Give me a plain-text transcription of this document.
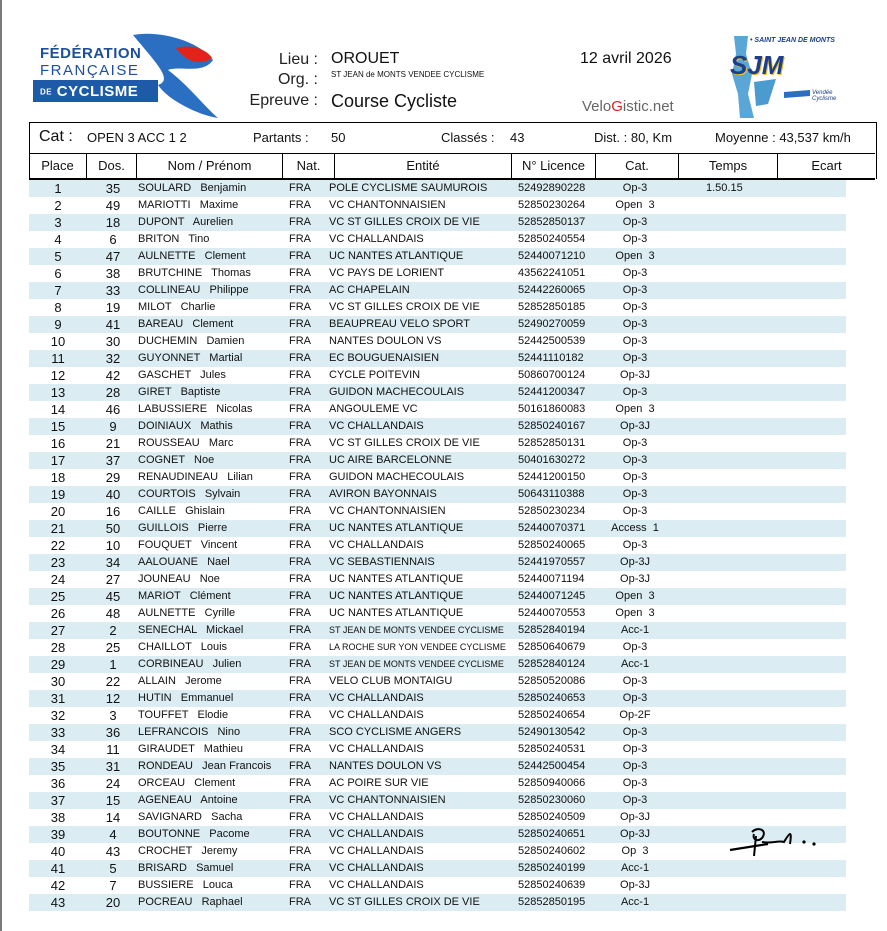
FÉDÉRATION
FRANÇAISE
DE CYCLISME
Lieu : OROUET
Org. : ST JEAN de MONTS VENDEE CYCLISME
Epreuve : Course Cycliste
12 avril 2026
VeloGistic.net
• SAINT JEAN DE MONTS
SJM
Vendée Cyclisme
Cat : OPEN 3 ACC 1 2	Partants : 50	Classés : 43	Dist. : 80, Km	Moyenne : 43,537 km/h
Place	Dos.	Nom / Prénom	Nat.	Entité	N° Licence	Cat.	Temps	Ecart
1	35	SOULARD   Benjamin	FRA POLE CYCLISME SAUMUROIS	52492890228	Op-3	1.50.15
2	49	MARIOTTI   Maxime	FRA VC CHANTONNAISIEN	52850230264	Open  3
3	18	DUPONT   Aurelien	FRA VC ST GILLES CROIX DE VIE	52852850137	Op-3
4	6	BRITON   Tino	FRA VC CHALLANDAIS	52850240554	Op-3
5	47	AULNETTE   Clement	FRA UC NANTES ATLANTIQUE	52440071210	Open  3
6	38	BRUTCHINE   Thomas	FRA VC PAYS DE LORIENT	43562241051	Op-3
7	33	COLLINEAU   Philippe	FRA AC CHAPELAIN	52442260065	Op-3
8	19	MILOT   Charlie	FRA VC ST GILLES CROIX DE VIE	52852850185	Op-3
9	41	BAREAU   Clement	FRA BEAUPREAU VELO SPORT	52490270059	Op-3
10	30	DUCHEMIN   Damien	FRA NANTES DOULON VS	52442500539	Op-3
11	32	GUYONNET   Martial	FRA EC BOUGUENAISIEN	52441110182	Op-3
12	42	GASCHET   Jules	FRA CYCLE POITEVIN	50860700124	Op-3J
13	28	GIRET   Baptiste	FRA GUIDON MACHECOULAIS	52441200347	Op-3
14	46	LABUSSIERE   Nicolas	FRA ANGOULEME VC	50161860083	Open  3
15	9	DOINIAUX   Mathis	FRA VC CHALLANDAIS	52850240167	Op-3J
16	21	ROUSSEAU   Marc	FRA VC ST GILLES CROIX DE VIE	52852850131	Op-3
17	37	COGNET   Noe	FRA UC AIRE BARCELONNE	50401630272	Op-3
18	29	RENAUDINEAU   Lilian	FRA GUIDON MACHECOULAIS	52441200150	Op-3
19	40	COURTOIS   Sylvain	FRA AVIRON BAYONNAIS	50643110388	Op-3
20	16	CAILLE   Ghislain	FRA VC CHANTONNAISIEN	52850230234	Op-3
21	50	GUILLOIS   Pierre	FRA UC NANTES ATLANTIQUE	52440070371	Access  1
22	10	FOUQUET   Vincent	FRA VC CHALLANDAIS	52850240065	Op-3
23	34	AALOUANE   Nael	FRA VC SEBASTIENNAIS	52441970557	Op-3J
24	27	JOUNEAU   Noe	FRA UC NANTES ATLANTIQUE	52440071194	Op-3J
25	45	MARIOT   Clément	FRA UC NANTES ATLANTIQUE	52440071245	Open  3
26	48	AULNETTE   Cyrille	FRA UC NANTES ATLANTIQUE	52440070553	Open  3
27	2	SENECHAL   Mickael	FRA ST JEAN DE MONTS VENDEE CYCLISME 52852840194	Acc-1
28	25	CHAILLOT   Louis	FRA LA ROCHE SUR YON VENDEE CYCLISME 52850640679	Op-3
29	1	CORBINEAU   Julien	FRA ST JEAN DE MONTS VENDEE CYCLISME 52852840124	Acc-1
30	22	ALLAIN   Jerome	FRA VELO CLUB MONTAIGU	52850520086	Op-3
31	12	HUTIN   Emmanuel	FRA VC CHALLANDAIS	52850240653	Op-3
32	3	TOUFFET   Elodie	FRA VC CHALLANDAIS	52850240654	Op-2F
33	36	LEFRANCOIS   Nino	FRA SCO CYCLISME ANGERS	52490130542	Op-3
34	11	GIRAUDET   Mathieu	FRA VC CHALLANDAIS	52850240531	Op-3
35	31	RONDEAU   Jean Francois FRA NANTES DOULON VS	52442500454	Op-3
36	24	ORCEAU   Clement	FRA AC POIRE SUR VIE	52850940066	Op-3
37	15	AGENEAU   Antoine	FRA VC CHANTONNAISIEN	52850230060	Op-3
38	14	SAVIGNARD   Sacha	FRA VC CHALLANDAIS	52850240509	Op-3J
39	4	BOUTONNE   Pacome	FRA VC CHALLANDAIS	52850240651	Op-3J
40	43	CROCHET   Jeremy	FRA VC CHALLANDAIS	52850240602	Op  3
41	5	BRISARD   Samuel	FRA VC CHALLANDAIS	52850240199	Acc-1
42	7	BUSSIERE   Louca	FRA VC CHALLANDAIS	52850240639	Op-3J
43	20	POCREAU   Raphael	FRA VC ST GILLES CROIX DE VIE	52852850195	Acc-1
